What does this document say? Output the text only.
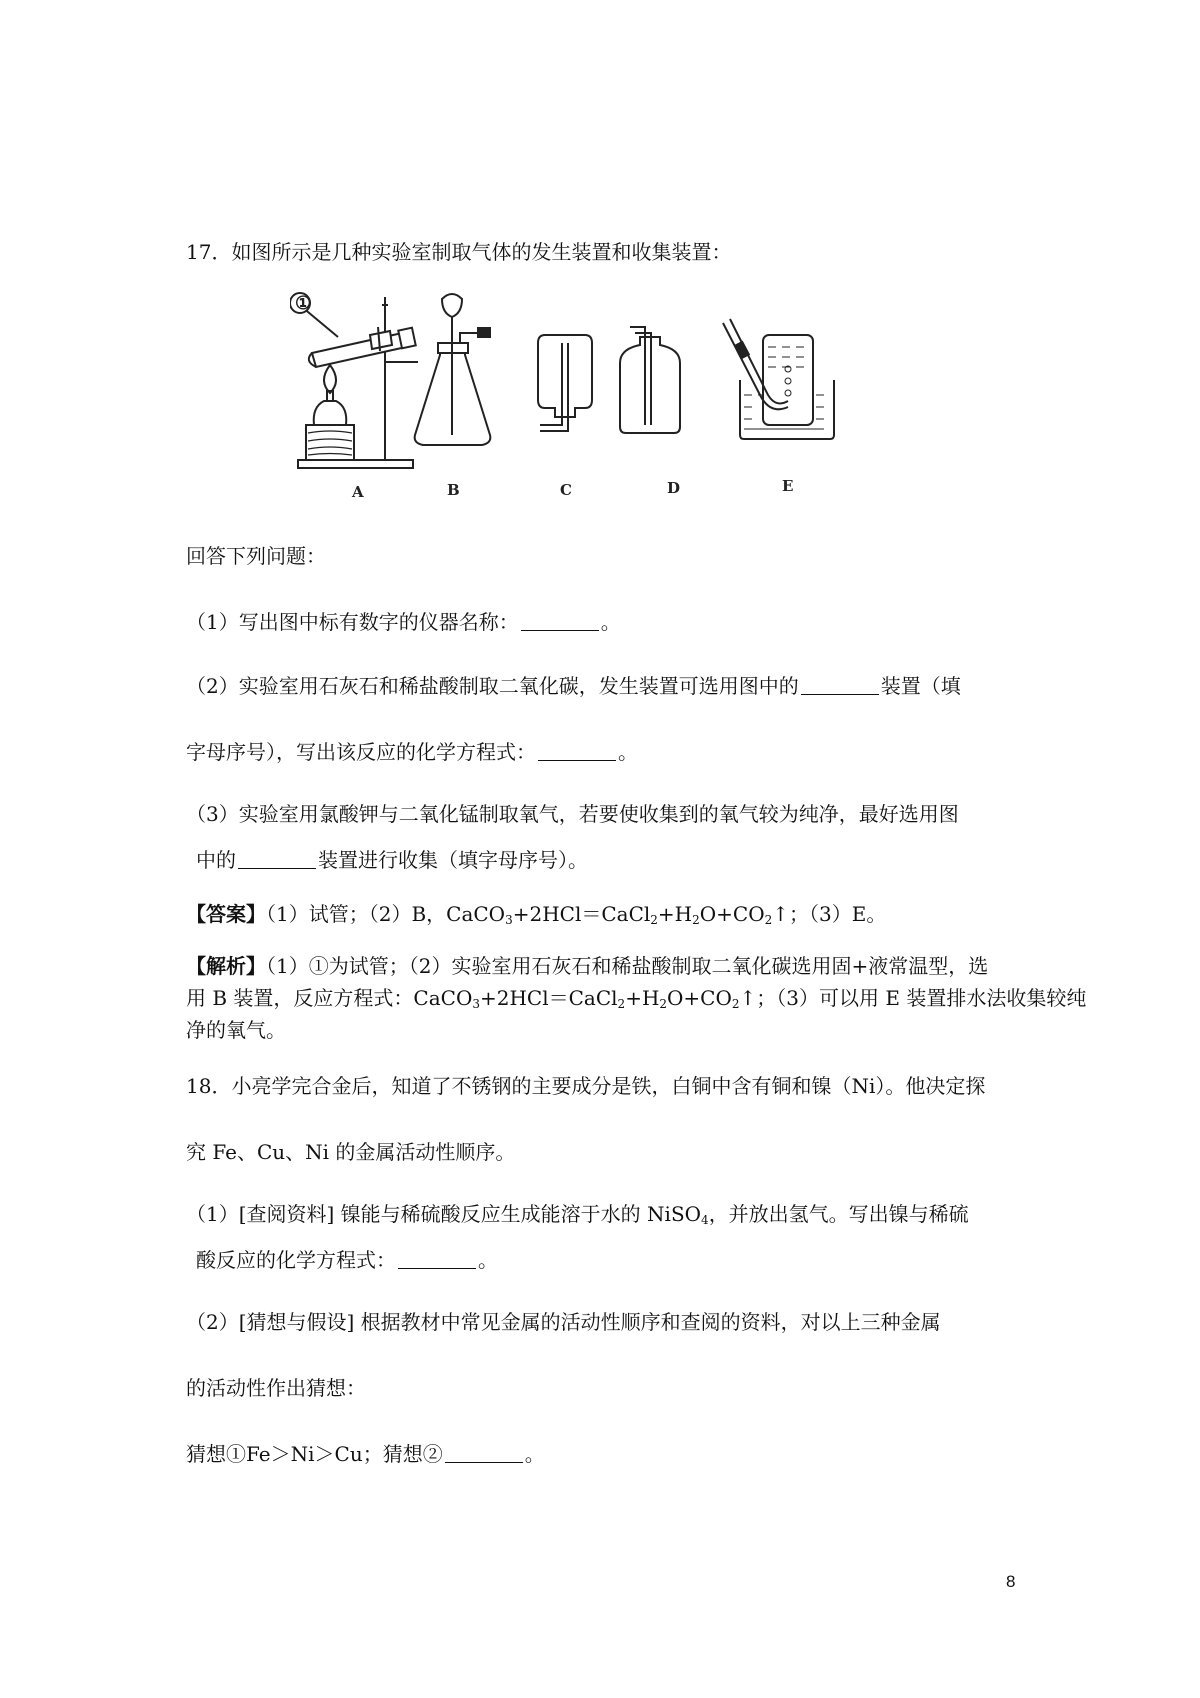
17．如图所示是几种实验室制取气体的发生装置和收集装置：
①
A	B	C	D	E
回答下列问题：
（1）写出图中标有数字的仪器名称：	。
（2）实验室用石灰石和稀盐酸制取二氧化碳，发生装置可选用图中的	装置（填
字母序号），写出该反应的化学方程式：	。
（3）实验室用氯酸钾与二氧化锰制取氧气，若要使收集到的氧气较为纯净，最好选用图
中的	装置进行收集（填字母序号）。
【答案】（1）试管；（2）B，$CaCO_3+2HCl=CaCl_2+H_2O+CO_2↑$；（3）E。
【解析】（1）①为试管；（2）实验室用石灰石和稀盐酸制取二氧化碳选用固+液常温型，选
用 B 装置，反应方程式：$CaCO_3+2HCl=CaCl_2+H_2O+CO_2↑$；（3）可以用 E 装置排水法收集较纯
净的氧气。
18．小亮学完合金后，知道了不锈钢的主要成分是铁，白铜中含有铜和镍（Ni）。他决定探
究 Fe、Cu、Ni 的金属活动性顺序。
（1）[查阅资料] 镍能与稀硫酸反应生成能溶于水的 NiSO$_4$，并放出氢气。写出镍与稀硫
酸反应的化学方程式：	。
（2）[猜想与假设] 根据教材中常见金属的活动性顺序和查阅的资料，对以上三种金属
的活动性作出猜想：
猜想①Fe＞Ni＞Cu；猜想②	。
8
